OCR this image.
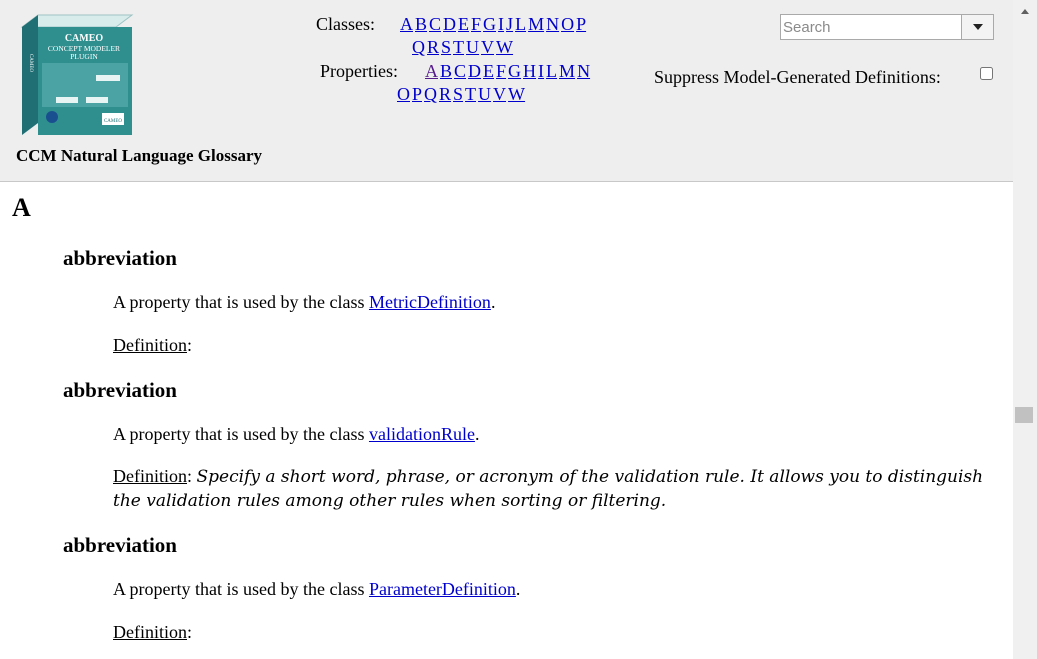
CAMEO
CONCEPT MODELER
PLUGIN
CAMEO
CAMEO
CCM Natural Language Glossary
Classes: A B C D E F G I J L M N O P
Q R S T U V W
Properties: A B C D E F G H I L M N
O P Q R S T U V W
Search
Suppress Model-Generated Definitions:
A
abbreviation
A property that is used by the class MetricDefinition.
Definition:
abbreviation
A property that is used by the class validationRule.
Definition: Specify a short word, phrase, or acronym of the validation rule. It allows you to distinguish the validation rules among other rules when sorting or filtering.
abbreviation
A property that is used by the class ParameterDefinition.
Definition:
